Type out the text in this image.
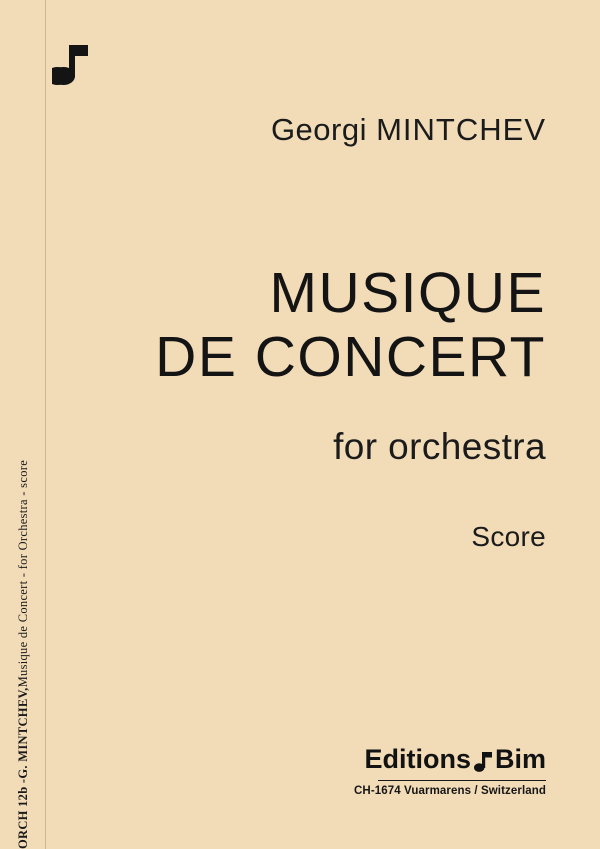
ORCH 12b -
G. MINTCHEV,
Musique de Concert - for Orchestra - score
Georgi MINTCHEV
MUSIQUE
DE CONCERT
for orchestra
Score
Editions Bim
CH-1674 Vuarmarens / Switzerland
